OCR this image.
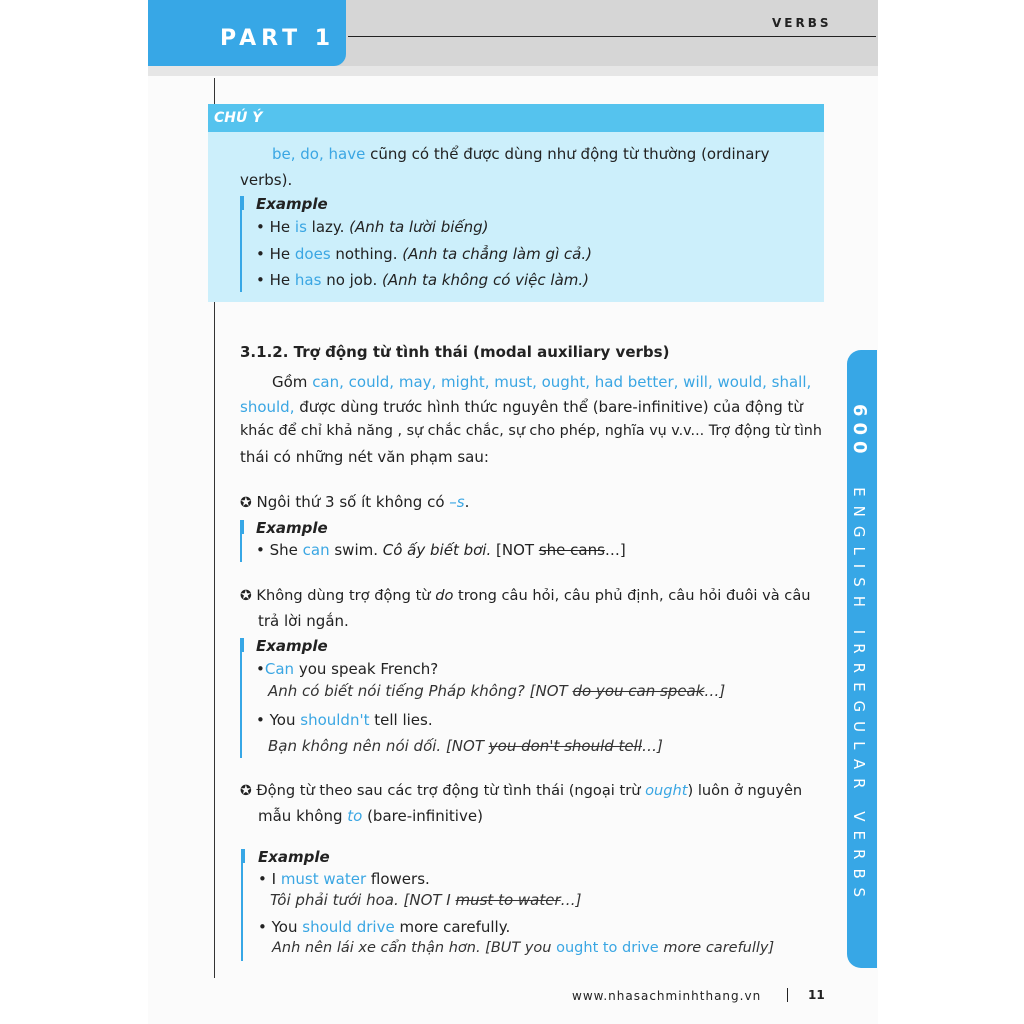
PART 1
VERBS
CHÚ Ý
be, do, have cũng có thể được dùng như động từ thường (ordinary
verbs).
Example
• He is lazy. (Anh ta lười biếng)
• He does nothing. (Anh ta chẳng làm gì cả.)
• He has no job. (Anh ta không có việc làm.)
3.1.2. Trợ động từ tình thái (modal auxiliary verbs)
Gồm can, could, may, might, must, ought, had better, will, would, shall,
should, được dùng trước hình thức nguyên thể (bare-infinitive) của động từ
khác để chỉ khả năng , sự chắc chắc, sự cho phép, nghĩa vụ v.v... Trợ động từ tình
thái có những nét văn phạm sau:
✪ Ngôi thứ 3 số ít không có –s.
Example
• She can swim. Cô ấy biết bơi. [NOT she cans…]
✪ Không dùng trợ động từ do trong câu hỏi, câu phủ định, câu hỏi đuôi và câu
trả lời ngắn.
Example
•Can you speak French?
Anh có biết nói tiếng Pháp không? [NOT do you can speak…]
• You shouldn't tell lies.
Bạn không nên nói dối. [NOT you don't should tell…]
✪ Động từ theo sau các trợ động từ tình thái (ngoại trừ ought) luôn ở nguyên
mẫu không to (bare-infinitive)
Example
• I must water flowers.
Tôi phải tưới hoa. [NOT I must to water…]
• You should drive more carefully.
Anh nên lái xe cẩn thận hơn. [BUT you ought to drive more carefully]
600  ENGLISH IRREGULAR VERBS
www.nhasachminhthang.vn	11
